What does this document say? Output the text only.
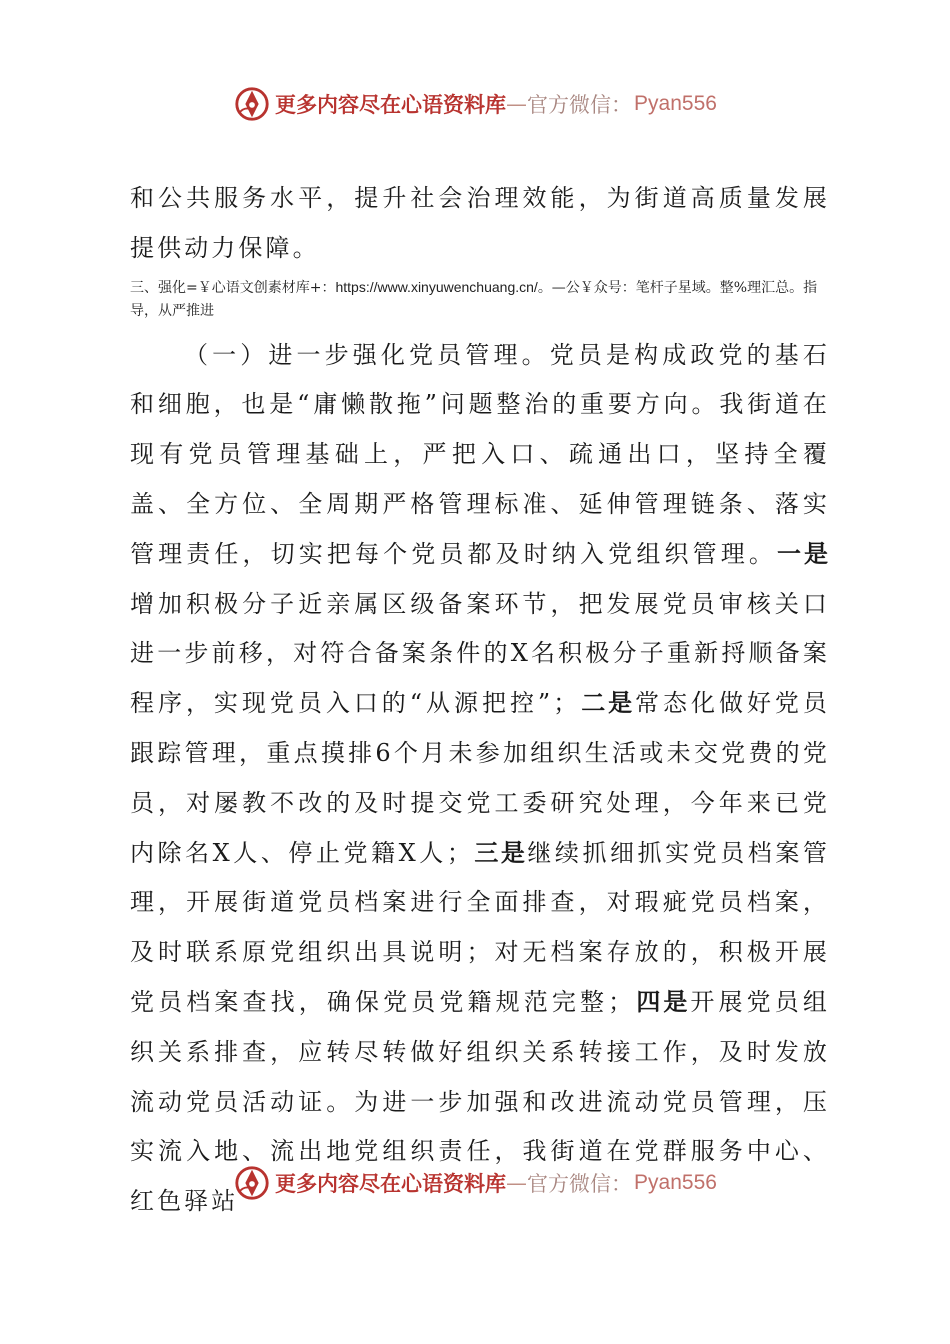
更多内容尽在心语资料库 — 官方微信： Pyan556

和公共服务水平，提升社会治理效能，为街道高质量发展提供动力保障。

三、强化=￥心语文创素材库+：https://www.xinyuwenchuang.cn/。—公￥众号：笔杆子星域。整%理汇总。指导，从严推进

（一）进一步强化党员管理。党员是构成政党的基石和细胞，也是“庸懒散拖”问题整治的重要方向。我街道在现有党员管理基础上，严把入口、疏通出口，坚持全覆盖、全方位、全周期严格管理标准、延伸管理链条、落实管理责任，切实把每个党员都及时纳入党组织管理。一是增加积极分子近亲属区级备案环节，把发展党员审核关口进一步前移，对符合备案条件的X名积极分子重新捋顺备案程序，实现党员入口的“从源把控”；二是常态化做好党员跟踪管理，重点摸排6个月未参加组织生活或未交党费的党员，对屡教不改的及时提交党工委研究处理，今年来已党内除名X人、停止党籍X人；三是继续抓细抓实党员档案管理，开展街道党员档案进行全面排查，对瑕疵党员档案，及时联系原党组织出具说明；对无档案存放的，积极开展党员档案查找，确保党员党籍规范完整；四是开展党员组织关系排查，应转尽转做好组织关系转接工作，及时发放流动党员活动证。为进一步加强和改进流动党员管理，压实流入地、流出地党组织责任，我街道在党群服务中心、红色驿站

更多内容尽在心语资料库 — 官方微信： Pyan556
